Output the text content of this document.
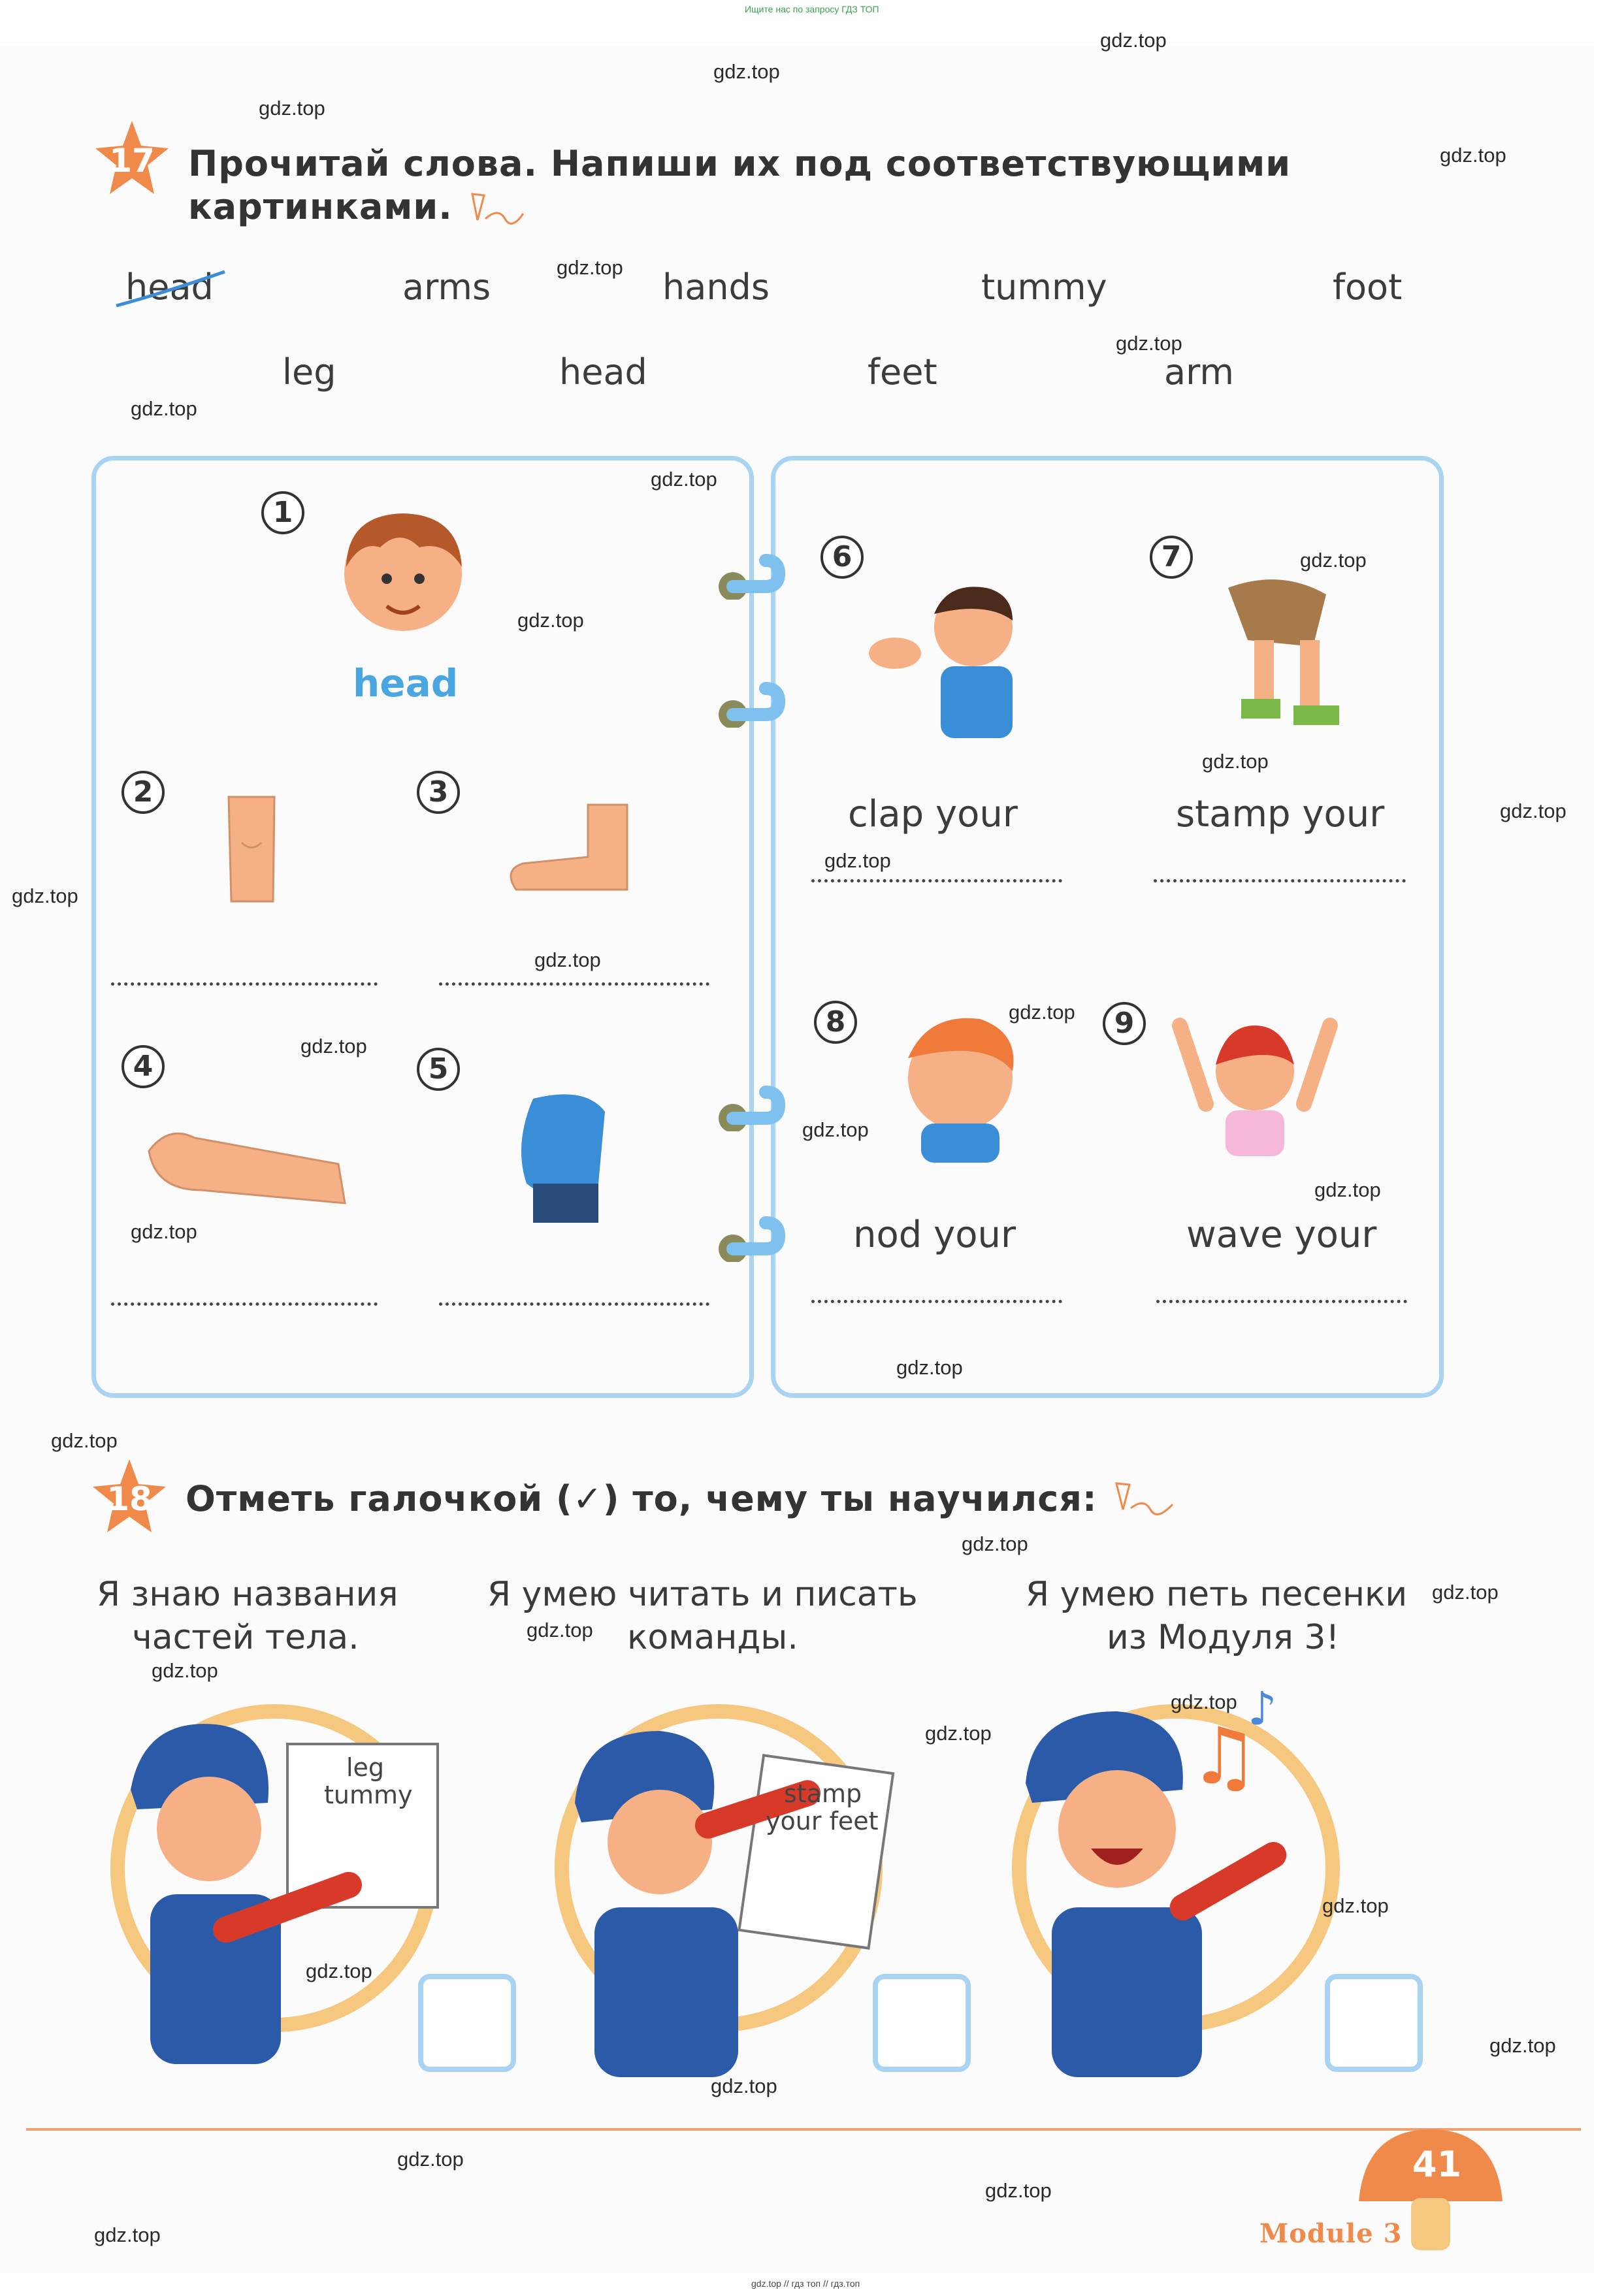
Ищите нас по запросу ГДЗ ТОП
17 Прочитай слова. Напиши их под соответствующими
картинками.
head	arms	hands	tummy	foot
leg	head	feet	arm
1
head
2	3
4	5
6
clap your
7
stamp your
8
nod your
9
wave your
18 Отметь галочкой (✓) то, чему ты научился:
Я знаю названия
частей тела.
Я умею читать и писать
команды.
Я умею петь песенки
из Модуля 3!
leg
tummy	stamp
your feet
♫
♪
41
Module 3
gdz.top // гдз топ // гдз.топ
gdz.top
gdz.top
gdz.top
gdz.top
gdz.top
gdz.top
gdz.top
gdz.top
gdz.top
gdz.top
gdz.top
gdz.top
gdz.top
gdz.top
gdz.top
gdz.top
gdz.top
gdz.top
gdz.top
gdz.top
gdz.top
gdz.top
gdz.top
gdz.top
gdz.top
gdz.top
gdz.top
gdz.top
gdz.top
gdz.top
gdz.top
gdz.top
gdz.top
gdz.top
gdz.top
